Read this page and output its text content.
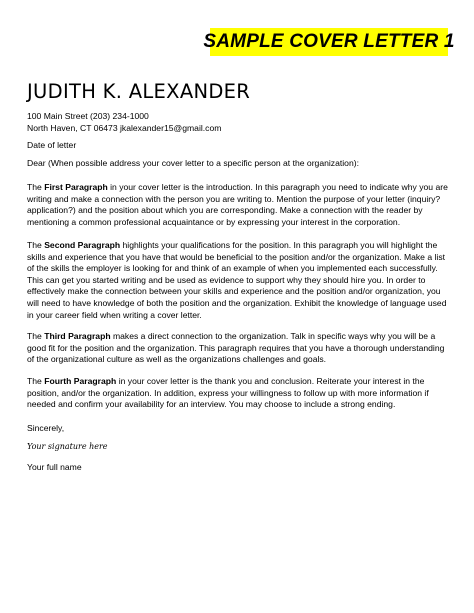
SAMPLE COVER LETTER 1
JUDITH K. ALEXANDER
100 Main Street (203) 234-1000
North Haven, CT 06473 jkalexander15@gmail.com
Date of letter
Dear (When possible address your cover letter to a specific person at the organization):
The First Paragraph in your cover letter is the introduction. In this paragraph you need to indicate why you are writing and make a connection with the person you are writing to. Mention the purpose of your letter (inquiry? application?) and the position about which you are corresponding. Make a connection with the reader by mentioning a common professional acquaintance or by expressing your interest in the corporation.
The Second Paragraph highlights your qualifications for the position. In this paragraph you will highlight the skills and experience that you have that would be beneficial to the position and/or the organization. Make a list of the skills the employer is looking for and think of an example of when you implemented each successfully. This can get you started writing and be used as evidence to support why they should hire you. In order to effectively make the connection between your skills and experience and the position and/or organization, you will need to have knowledge of both the position and the organization. Exhibit the knowledge of language used in your career field when writing a cover letter.
The Third Paragraph makes a direct connection to the organization. Talk in specific ways why you will be a good fit for the position and the organization. This paragraph requires that you have a thorough understanding of the organizational culture as well as the organizations challenges and goals.
The Fourth Paragraph in your cover letter is the thank you and conclusion. Reiterate your interest in the position, and/or the organization. In addition, express your willingness to follow up with more information if needed and confirm your availability for an interview. You may choose to include a strong ending.
Sincerely,
Your signature here
Your full name
